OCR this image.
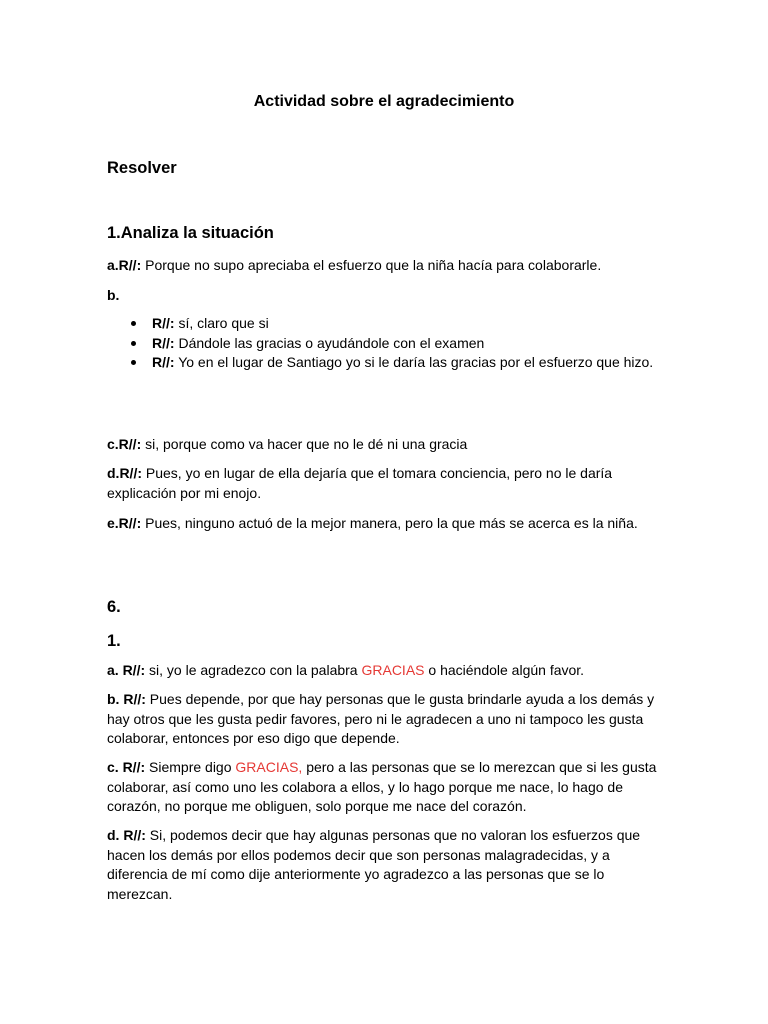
Actividad sobre el agradecimiento
Resolver
1.Analiza la situación
a.R//: Porque no supo apreciaba el esfuerzo que la niña hacía para colaborarle.
b.
R//: sí, claro que si
R//: Dándole las gracias o ayudándole con el examen
R//: Yo en el lugar de Santiago yo si le daría las gracias por el esfuerzo que hizo.
c.R//: si, porque como va hacer que no le dé ni una gracia
d.R//: Pues, yo en lugar de ella dejaría que el tomara conciencia, pero no le daría explicación por mi enojo.
e.R//: Pues, ninguno actuó de la mejor manera, pero la que más se acerca es la niña.
6.
1.
a. R//: si, yo le agradezco con la palabra GRACIAS o haciéndole algún favor.
b. R//: Pues depende, por que hay personas que le gusta brindarle ayuda a los demás y hay otros que les gusta pedir favores, pero ni le agradecen a uno ni tampoco les gusta colaborar, entonces por eso digo que depende.
c. R//: Siempre digo GRACIAS, pero a las personas que se lo merezcan que si les gusta colaborar, así como uno les colabora a ellos, y lo hago porque me nace, lo hago de corazón, no porque me obliguen, solo porque me nace del corazón.
d. R//: Si, podemos decir que hay algunas personas que no valoran los esfuerzos que hacen los demás por ellos podemos decir que son personas malagradecidas, y a diferencia de mí como dije anteriormente yo agradezco a las personas que se lo merezcan.
